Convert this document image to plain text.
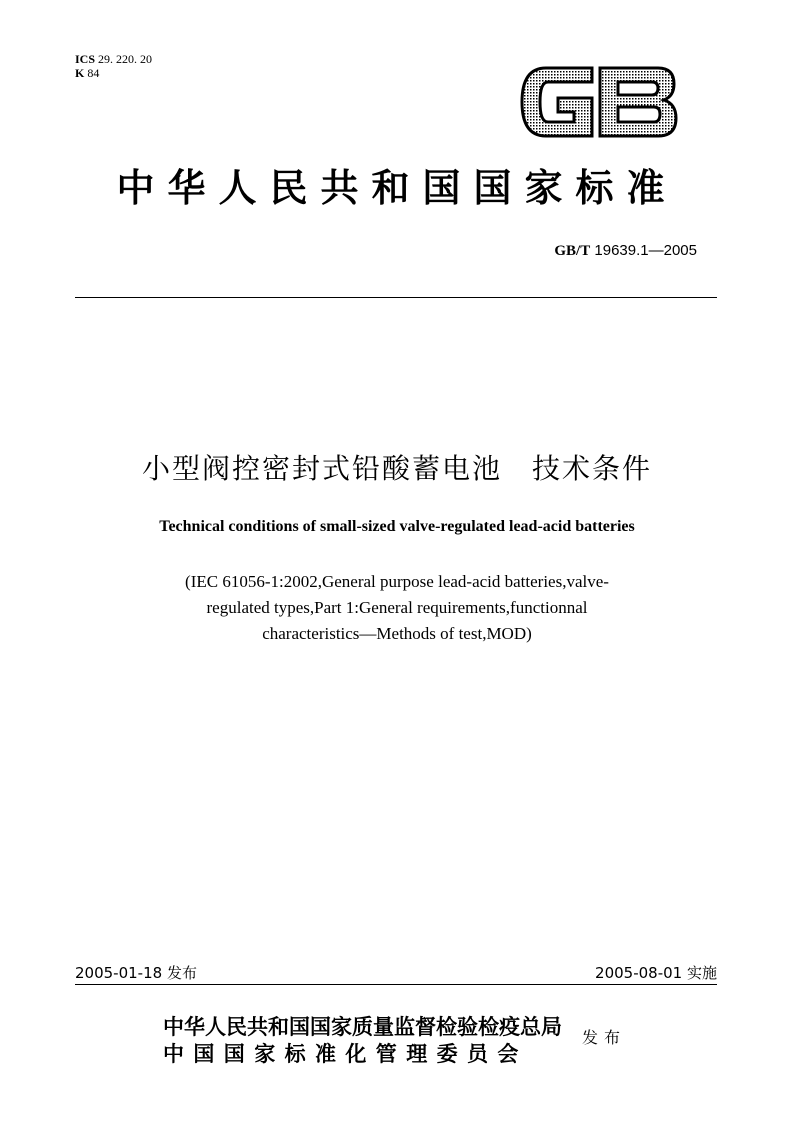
ICS 29. 220. 20
K 84
GB
中华人民共和国国家标准
GB/T 19639.1—2005
小型阀控密封式铅酸蓄电池　技术条件
Technical conditions of small-sized valve-regulated lead-acid batteries
(IEC 61056-1:2002,General purpose lead-acid batteries,valve-
regulated types,Part 1:General requirements,functionnal
characteristics—Methods of test,MOD)
2005-01-18 发布	2005-08-01 实施
中华人民共和国国家质量监督检验检疫总局
中国国家标准化管理委员会
发布
